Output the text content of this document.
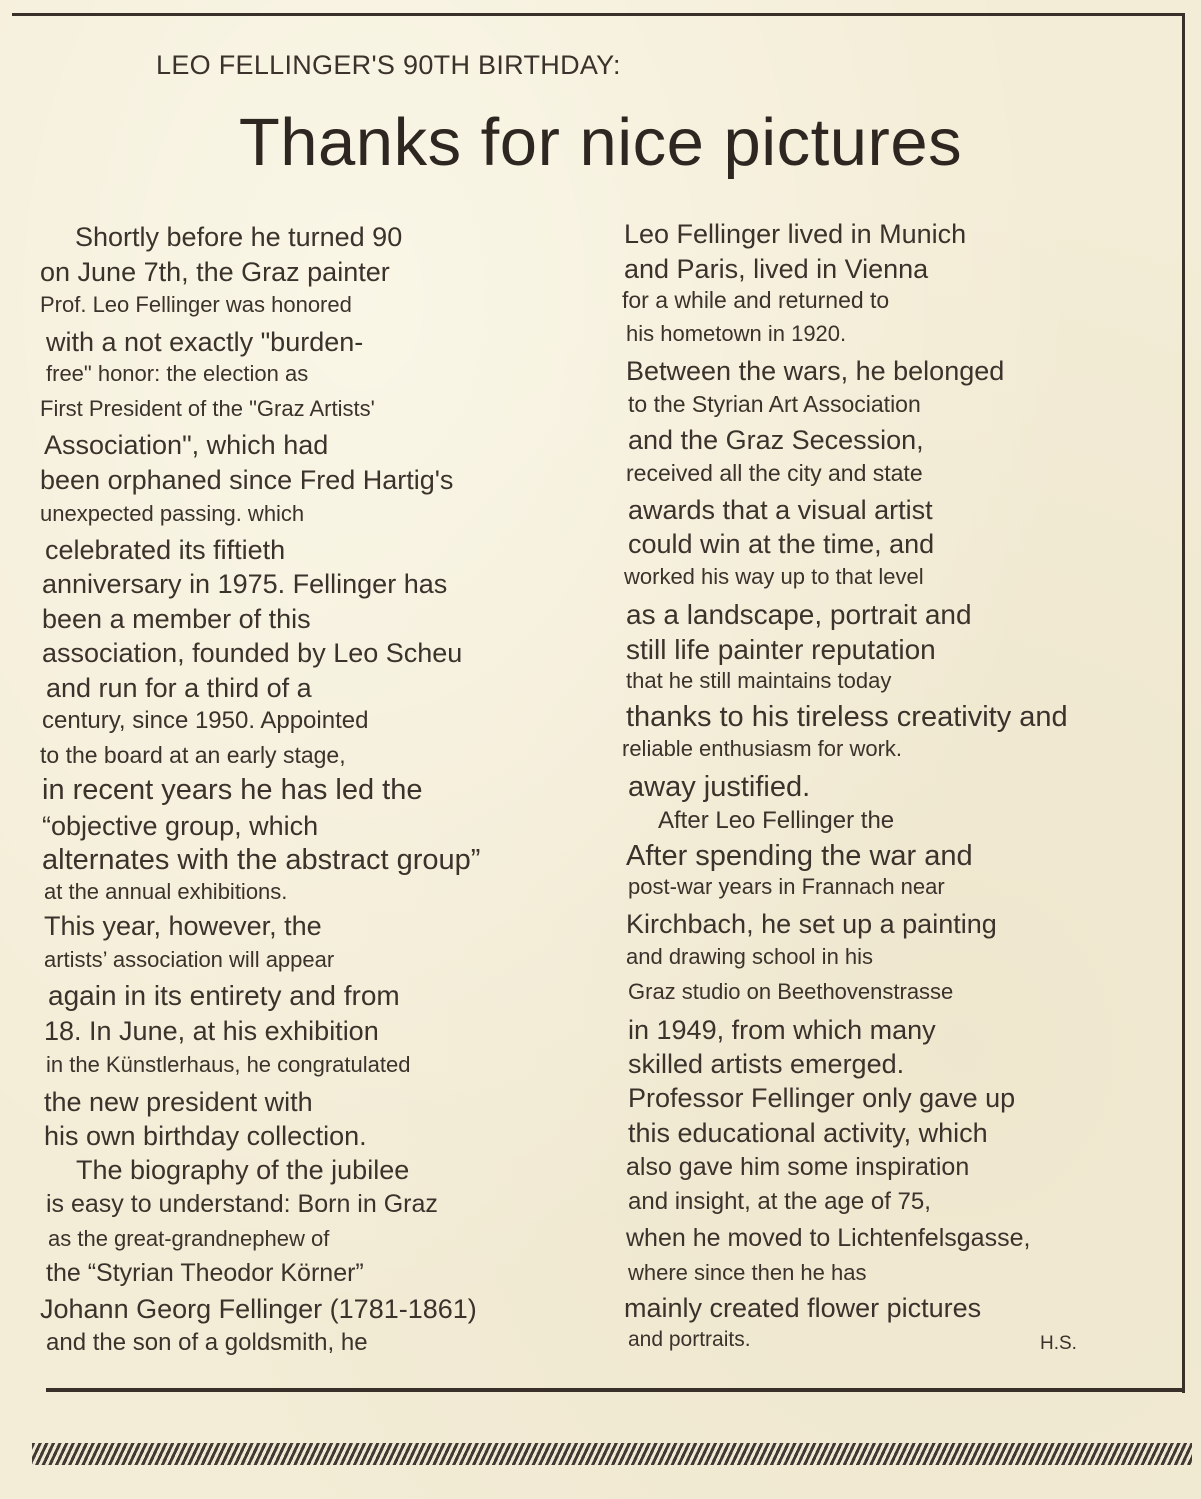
LEO FELLINGER'S 90TH BIRTHDAY:
Thanks for nice pictures
Shortly before he turned 90
on June 7th, the Graz painter
Prof. Leo Fellinger was honored
with a not exactly "burden-
free" honor: the election as
First President of the "Graz Artists'
Association", which had
been orphaned since Fred Hartig's
unexpected passing. which
celebrated its fiftieth
anniversary in 1975. Fellinger has
been a member of this
association, founded by Leo Scheu
and run for a third of a
century, since 1950. Appointed
to the board at an early stage,
in recent years he has led the
“objective group, which
alternates with the abstract group”
at the annual exhibitions.
This year, however, the
artists’ association will appear
again in its entirety and from
18. In June, at his exhibition
in the Künstlerhaus, he congratulated
the new president with
his own birthday collection.
The biography of the jubilee
is easy to understand: Born in Graz
as the great-grandnephew of
the “Styrian Theodor Körner”
Johann Georg Fellinger (1781-1861)
and the son of a goldsmith, he
Leo Fellinger lived in Munich
and Paris, lived in Vienna
for a while and returned to
his hometown in 1920.
Between the wars, he belonged
to the Styrian Art Association
and the Graz Secession,
received all the city and state
awards that a visual artist
could win at the time, and
worked his way up to that level
as a landscape, portrait and
still life painter reputation
that he still maintains today
thanks to his tireless creativity and
reliable enthusiasm for work.
away justified.
After Leo Fellinger the
After spending the war and
post-war years in Frannach near
Kirchbach, he set up a painting
and drawing school in his
Graz studio on Beethovenstrasse
in 1949, from which many
skilled artists emerged.
Professor Fellinger only gave up
this educational activity, which
also gave him some inspiration
and insight, at the age of 75,
when he moved to Lichtenfelsgasse,
where since then he has
mainly created flower pictures
and portraits.	H.S.
